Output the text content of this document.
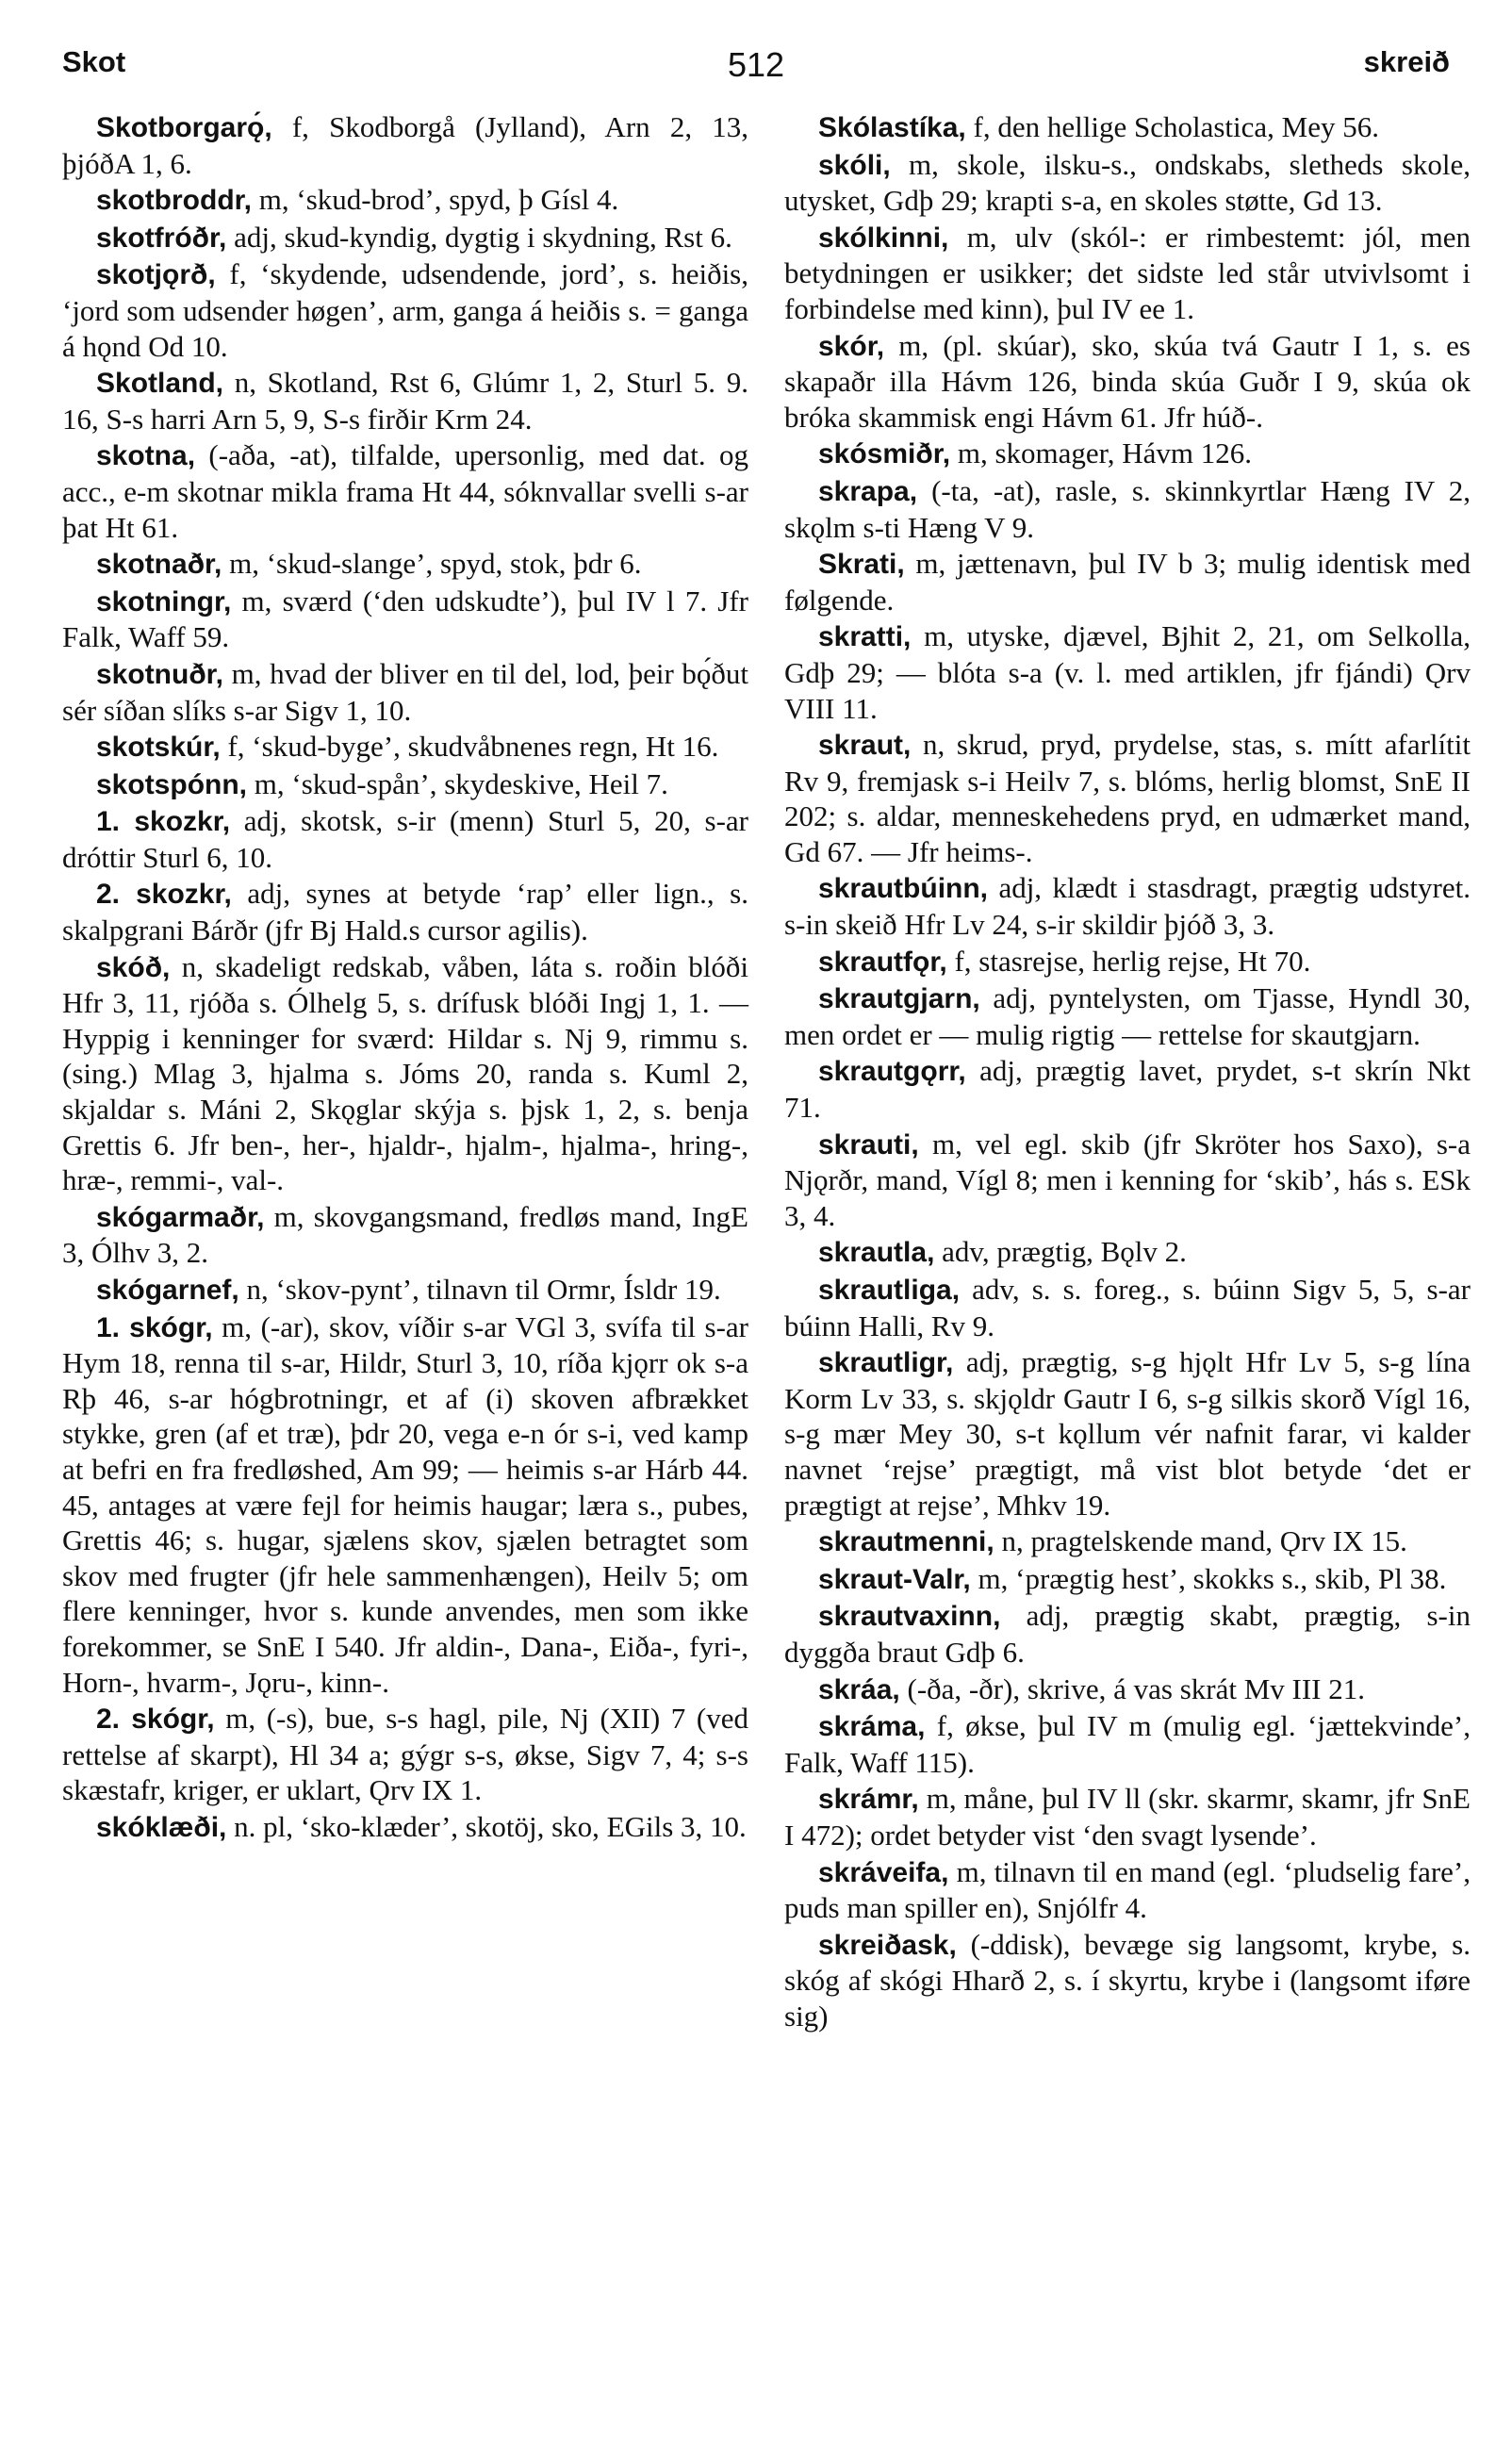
Skot	512	skreið

Skotborgarǫ́, f, Skodborgå (Jylland), Arn 2, 13, þjóðA 1, 6.

skotbroddr, m, ‘skud-brod’, spyd, þ Gísl 4.

skotfróðr, adj, skud-kyndig, dygtig i skydning, Rst 6.

skotjǫrð, f, ‘skydende, udsendende, jord’, s. heiðis, ‘jord som udsender høgen’, arm, ganga á heiðis s. = ganga á hǫnd Od 10.

Skotland, n, Skotland, Rst 6, Glúmr 1, 2, Sturl 5. 9. 16, S-s harri Arn 5, 9, S-s firðir Krm 24.

skotna, (-aða, -at), tilfalde, upersonlig, med dat. og acc., e-m skotnar mikla frama Ht 44, sóknvallar svelli s-ar þat Ht 61.

skotnaðr, m, ‘skud-slange’, spyd, stok, þdr 6.

skotningr, m, sværd (‘den udskudte’), þul IV l 7. Jfr Falk, Waff 59.

skotnuðr, m, hvad der bliver en til del, lod, þeir bǫ́ðut sér síðan slíks s-ar Sigv 1, 10.

skotskúr, f, ‘skud-byge’, skudvåbnenes regn, Ht 16.

skotspónn, m, ‘skud-spån’, skydeskive, Heil 7.

1. skozkr, adj, skotsk, s-ir (menn) Sturl 5, 20, s-ar dróttir Sturl 6, 10.

2. skozkr, adj, synes at betyde ‘rap’ eller lign., s. skalpgrani Bárðr (jfr Bj Hald.s cursor agilis).

skóð, n, skadeligt redskab, våben, láta s. roðin blóði Hfr 3, 11, rjóða s. Ólhelg 5, s. drífusk blóði Ingj 1, 1. — Hyppig i kenninger for sværd: Hildar s. Nj 9, rimmu s. (sing.) Mlag 3, hjalma s. Jóms 20, randa s. Kuml 2, skjaldar s. Máni 2, Skǫglar skýja s. þjsk 1, 2, s. benja Grettis 6. Jfr ben-, her-, hjaldr-, hjalm-, hjalma-, hring-, hræ-, remmi-, val-.

skógarmaðr, m, skovgangsmand, fredløs mand, IngE 3, Ólhv 3, 2.

skógarnef, n, ‘skov-pynt’, tilnavn til Ormr, Ísldr 19.

1. skógr, m, (-ar), skov, víðir s-ar VGl 3, svífa til s-ar Hym 18, renna til s-ar, Hildr, Sturl 3, 10, ríða kjǫrr ok s-a Rþ 46, s-ar hógbrotningr, et af (i) skoven afbrækket stykke, gren (af et træ), þdr 20, vega e-n ór s-i, ved kamp at befri en fra fredløshed, Am 99; — heimis s-ar Hárb 44. 45, antages at være fejl for heimis haugar; læra s., pubes, Grettis 46; s. hugar, sjælens skov, sjælen betragtet som skov med frugter (jfr hele sammenhængen), Heilv 5; om flere kenninger, hvor s. kunde anvendes, men som ikke forekommer, se SnE I 540. Jfr aldin-, Dana-, Eiða-, fyri-, Horn-, hvarm-, Jǫru-, kinn-.

2. skógr, m, (-s), bue, s-s hagl, pile, Nj (XII) 7 (ved rettelse af skarpt), Hl 34 a; gýgr s-s, økse, Sigv 7, 4; s-s skæstafr, kriger, er uklart, Ǫrv IX 1.

skóklæði, n. pl, ‘sko-klæder’, skotöj, sko, EGils 3, 10.

Skólastíka, f, den hellige Scholastica, Mey 56.

skóli, m, skole, ilsku-s., ondskabs, sletheds skole, utysket, Gdþ 29; krapti s-a, en skoles støtte, Gd 13.

skólkinni, m, ulv (skól-: er rimbestemt: jól, men betydningen er usikker; det sidste led står utvivlsomt i forbindelse med kinn), þul IV ee 1.

skór, m, (pl. skúar), sko, skúa tvá Gautr I 1, s. es skapaðr illa Hávm 126, binda skúa Guðr I 9, skúa ok bróka skammisk engi Hávm 61. Jfr húð-.

skósmiðr, m, skomager, Hávm 126.

skrapa, (-ta, -at), rasle, s. skinnkyrtlar Hæng IV 2, skǫlm s-ti Hæng V 9.

Skrati, m, jættenavn, þul IV b 3; mulig identisk med følgende.

skratti, m, utyske, djævel, Bjhit 2, 21, om Selkolla, Gdþ 29; — blóta s-a (v. l. med artiklen, jfr fjándi) Ǫrv VIII 11.

skraut, n, skrud, pryd, prydelse, stas, s. mítt afarlítit Rv 9, fremjask s-i Heilv 7, s. blóms, herlig blomst, SnE II 202; s. aldar, menneskehedens pryd, en udmærket mand, Gd 67. — Jfr heims-.

skrautbúinn, adj, klædt i stasdragt, prægtig udstyret. s-in skeið Hfr Lv 24, s-ir skildir þjóð 3, 3.

skrautfǫr, f, stasrejse, herlig rejse, Ht 70.

skrautgjarn, adj, pyntelysten, om Tjasse, Hyndl 30, men ordet er — mulig rigtig — rettelse for skautgjarn.

skrautgǫrr, adj, prægtig lavet, prydet, s-t skrín Nkt 71.

skrauti, m, vel egl. skib (jfr Skröter hos Saxo), s-a Njǫrðr, mand, Vígl 8; men i kenning for ‘skib’, hás s. ESk 3, 4.

skrautla, adv, prægtig, Bǫlv 2.

skrautliga, adv, s. s. foreg., s. búinn Sigv 5, 5, s-ar búinn Halli, Rv 9.

skrautligr, adj, prægtig, s-g hjǫlt Hfr Lv 5, s-g lína Korm Lv 33, s. skjǫldr Gautr I 6, s-g silkis skorð Vígl 16, s-g mær Mey 30, s-t kǫllum vér nafnit farar, vi kalder navnet ‘rejse’ prægtigt, må vist blot betyde ‘det er prægtigt at rejse’, Mhkv 19.

skrautmenni, n, pragtelskende mand, Ǫrv IX 15.

skraut-Valr, m, ‘prægtig hest’, skokks s., skib, Pl 38.

skrautvaxinn, adj, prægtig skabt, prægtig, s-in dyggða braut Gdþ 6.

skráa, (-ða, -ðr), skrive, á vas skrát Mv III 21.

skráma, f, økse, þul IV m (mulig egl. ‘jættekvinde’, Falk, Waff 115).

skrámr, m, måne, þul IV ll (skr. skarmr, skamr, jfr SnE I 472); ordet betyder vist ‘den svagt lysende’.

skráveifa, m, tilnavn til en mand (egl. ‘pludselig fare’, puds man spiller en), Snjólfr 4.

skreiðask, (-ddisk), bevæge sig langsomt, krybe, s. skóg af skógi Hharð 2, s. í skyrtu, krybe i (langsomt iføre sig)
